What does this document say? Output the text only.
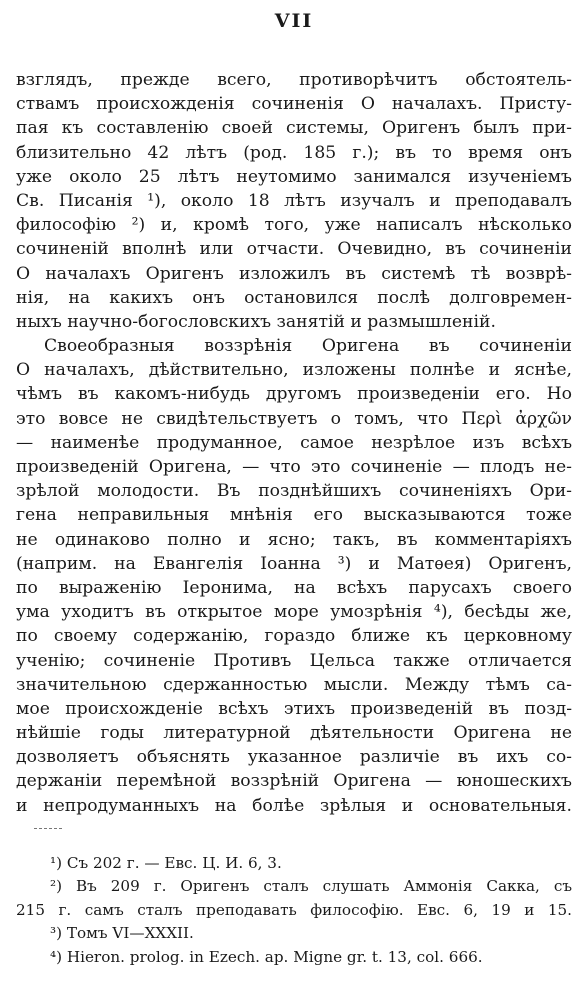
VII
взглядъ, прежде всего, противорѣчитъ обстоятель-
ствамъ происхожденія сочиненія О началахъ. Присту-
пая къ составленію своей системы, Оригенъ былъ при-
близительно 42 лѣтъ (род. 185 г.); въ то время онъ
уже около 25 лѣтъ неутомимо занимался изученіемъ
Св. Писанія ¹), около 18 лѣтъ изучалъ и преподавалъ
философію ²) и, кромѣ того, уже написалъ нѣсколько
сочиненій вполнѣ или отчасти. Очевидно, въ сочиненіи
О началахъ Оригенъ изложилъ въ системѣ тѣ возврѣ-
нія, на какихъ онъ остановился послѣ долговремен-
ныхъ научно-богословскихъ занятій и размышленій.
Своеобразныя воззрѣнія Оригена въ сочиненіи
О началахъ, дѣйствительно, изложены полнѣе и яснѣе,
чѣмъ въ какомъ-нибудь другомъ произведеніи его. Но
это вовсе не свидѣтельствуетъ о томъ, что Περὶ ἀρχῶν
— наименѣе продуманное, самое незрѣлое изъ всѣхъ
произведеній Оригена, — что это сочиненіе — плодъ не-
зрѣлой молодости. Въ позднѣйшихъ сочиненіяхъ Ори-
гена неправильныя мнѣнія его высказываются тоже
не одинаково полно и ясно; такъ, въ комментаріяхъ
(наприм. на Евангелія Іоанна ³) и Матѳея) Оригенъ,
по выраженію Іеронима, на всѣхъ парусахъ своего
ума уходитъ въ открытое море умозрѣнія ⁴), бесѣды же,
по своему содержанію, гораздо ближе къ церковному
ученію; сочиненіе Противъ Цельса также отличается
значительною сдержанностью мысли. Между тѣмъ са-
мое происхожденіе всѣхъ этихъ произведеній въ позд-
нѣйшіе годы литературной дѣятельности Оригена не
дозволяетъ объяснять указанное различіе въ ихъ со-
держаніи перемѣной воззрѣній Оригена — юношескихъ
и непродуманныхъ на болѣе зрѣлыя и основательныя.
¹) Съ 202 г. — Евс. Ц. И. 6, 3.
²) Въ 209 г. Оригенъ сталъ слушать Аммонія Сакка, съ
215 г. самъ сталъ преподавать философію. Евс. 6, 19 и 15.
³) Томъ VI—XXXII.
⁴) Hieron. prolog. in Ezech. ap. Migne gr. t. 13, col. 666.
